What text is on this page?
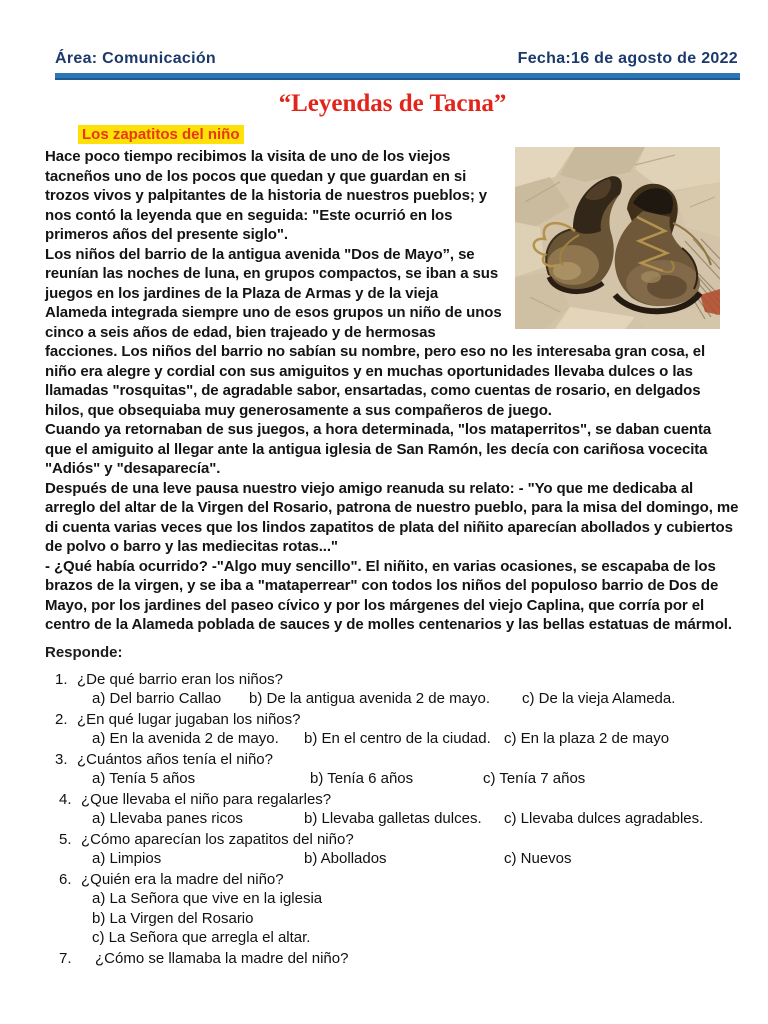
Área: Comunicación	Fecha:16 de agosto de 2022
“Leyendas de Tacna”
Los zapatitos del niño

Hace poco tiempo recibimos la visita de uno de los viejos tacneños uno de los pocos que quedan y que guardan en si trozos vivos y palpitantes de la historia de nuestros pueblos; y nos contó la leyenda que en seguida: "Este ocurrió en los primeros años del presente siglo".

Los niños del barrio de la antigua avenida "Dos de Mayo”, se reunían las noches de luna, en grupos compactos, se iban a sus juegos en los jardines de la Plaza de Armas y de la vieja Alameda integrada siempre uno de esos grupos un niño de unos cinco a seis años de edad, bien trajeado y de hermosas facciones. Los niños del barrio no sabían su nombre, pero eso no les interesaba gran cosa, el niño era alegre y cordial con sus amiguitos y en muchas oportunidades llevaba dulces o las llamadas "rosquitas", de agradable sabor, ensartadas, como cuentas de rosario, en delgados hilos, que obsequiaba muy generosamente a sus compañeros de juego.

Cuando ya retornaban de sus juegos, a hora determinada, "los mataperritos", se daban cuenta que el amiguito al llegar ante la antigua iglesia de San Ramón, les decía con cariñosa vocecita "Adiós" y "desaparecía".

Después de una leve pausa nuestro viejo amigo reanuda su relato: - "Yo que me dedicaba al arreglo del altar de la Virgen del Rosario, patrona de nuestro pueblo, para la misa del domingo, me di cuenta varias veces que los lindos zapatitos de plata del niñito aparecían abollados y cubiertos de polvo o barro y las mediecitas rotas..."

- ¿Qué había ocurrido? -"Algo muy sencillo". El niñito, en varias ocasiones, se escapaba de los brazos de la virgen, y se iba a "mataperrear" con todos los niños del populoso barrio de Dos de Mayo, por los jardines del paseo cívico y por los márgenes del viejo Caplina, que corría por el centro de la Alameda poblada de sauces y de molles centenarios y las bellas estatuas de mármol.

Responde:
1. ¿De qué barrio eran los niños?
a) Del barrio Callao	b) De la antigua avenida 2 de mayo.	c) De la vieja Alameda.
2. ¿En qué lugar jugaban los niños?
a) En la avenida 2 de mayo.	b) En el centro de la ciudad. c) En la plaza 2 de mayo
3. ¿Cuántos años tenía el niño?
a) Tenía 5 años	b) Tenía 6 años	c) Tenía 7 años
4. ¿Que llevaba el niño para regalarles?
a) Llevaba panes ricos	b) Llevaba galletas dulces.	c) Llevaba dulces agradables.
5. ¿Cómo aparecían los zapatitos del niño?
a) Limpios	b) Abollados	c) Nuevos
6. ¿Quién era la madre del niño?
a) La Señora que vive en la iglesia
b) La Virgen del Rosario
c) La Señora que arregla el altar.
7.	¿Cómo se llamaba la madre del niño?
